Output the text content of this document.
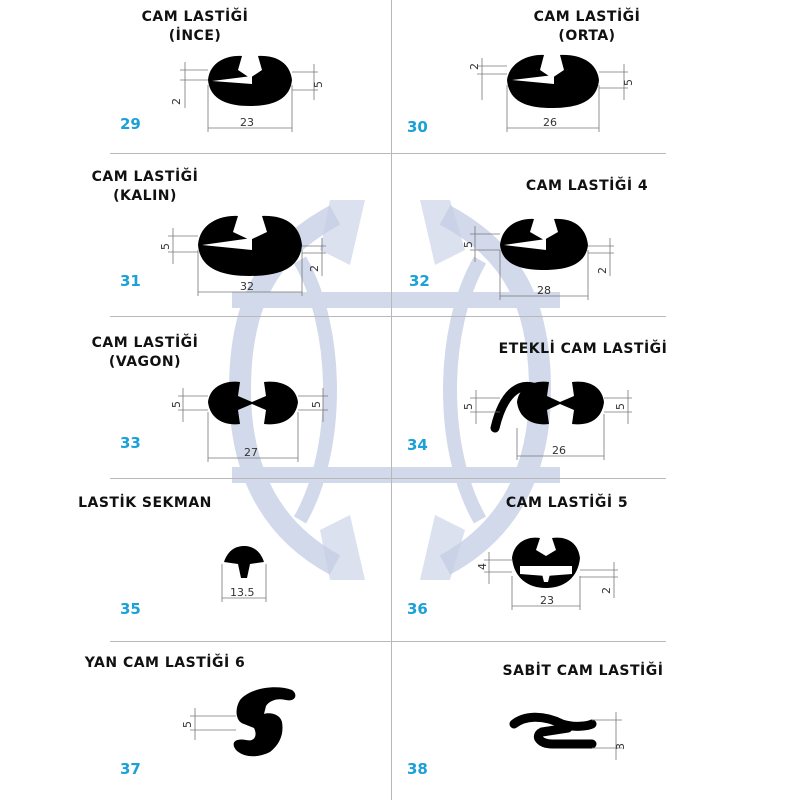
CAM LASTİĞİ
(İNCE)
29
2
5
23
CAM LASTİĞİ
(ORTA)
30
2
5
26
CAM LASTİĞİ
(KALIN)
31
5
2
32
CAM LASTİĞİ 4
32
5
2
28
CAM LASTİĞİ
(VAGON)
33
5	5
27
ETEKLİ CAM LASTİĞİ
34
5	5
26
LASTİK SEKMAN
35
13.5
CAM LASTİĞİ 5
36
4
2
23
YAN CAM LASTİĞİ 6
37
5
SABİT CAM LASTİĞİ
38
3
